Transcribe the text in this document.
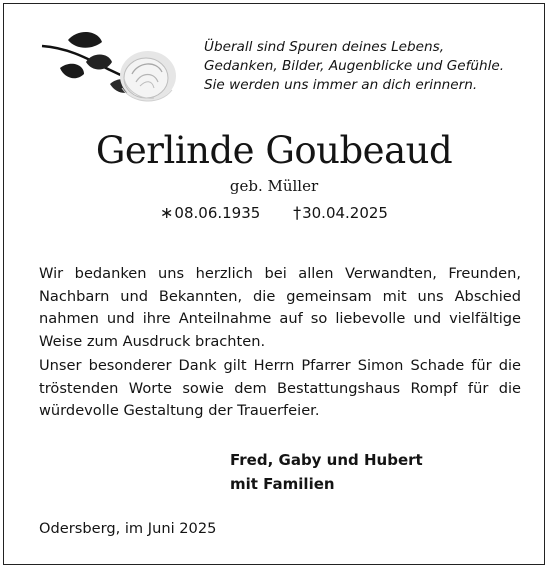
Überall sind Spuren deines Lebens,
Gedanken, Bilder, Augenblicke und Gefühle.
Sie werden uns immer an dich erinnern.
Gerlinde Goubeaud
geb. Müller
∗08.06.1935 †30.04.2025

Wir bedanken uns herzlich bei allen Verwandten, Freunden, Nachbarn und Bekannten, die gemeinsam mit uns Abschied nahmen und ihre Anteilnahme auf so liebevolle und vielfältige Weise zum Ausdruck brachten.

Unser besonderer Dank gilt Herrn Pfarrer Simon Schade für die tröstenden Worte sowie dem Bestattungshaus Rompf für die würdevolle Gestaltung der Trauerfeier.

Fred, Gaby und Hubert
mit Familien
Odersberg, im Juni 2025
